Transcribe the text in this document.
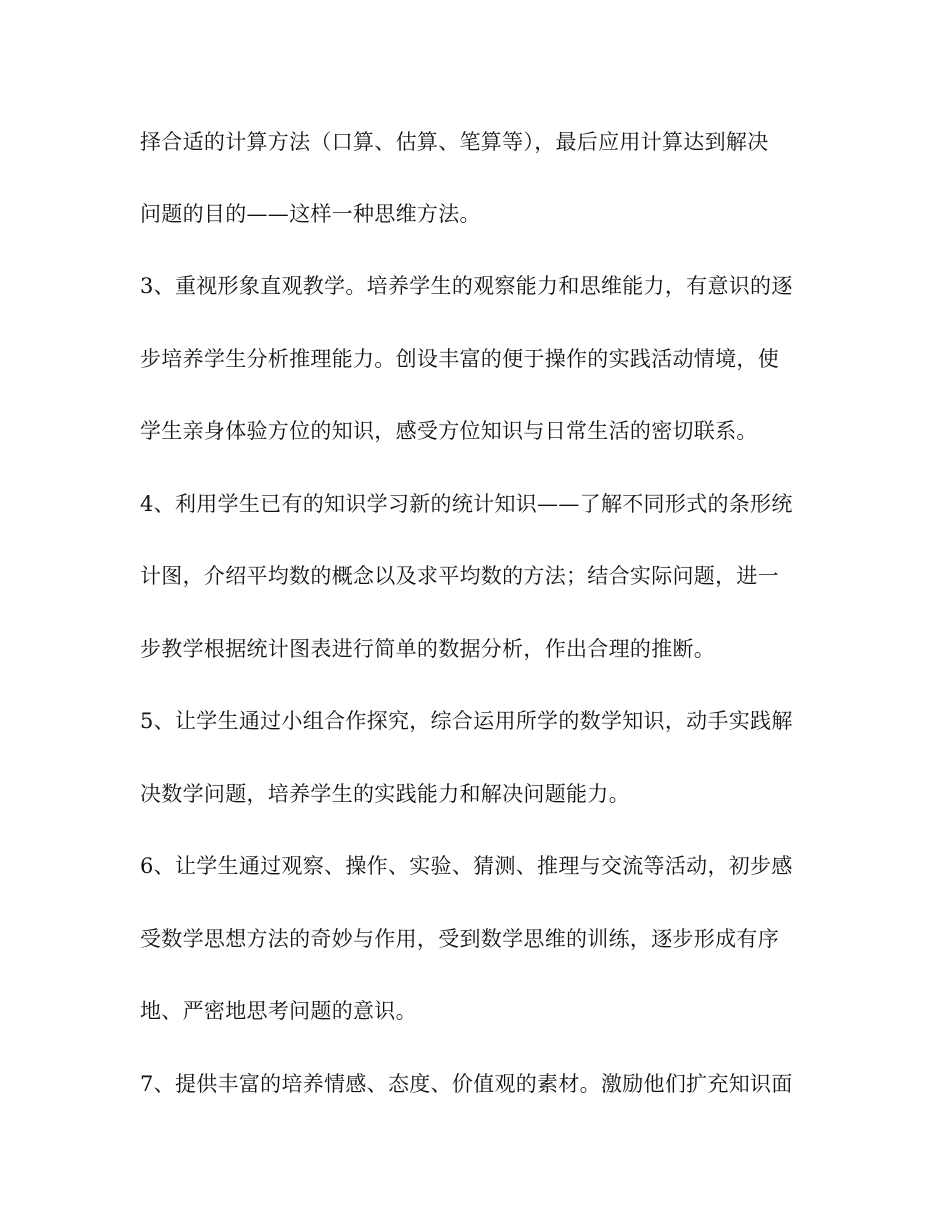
择合适的计算方法（口算、估算、笔算等），最后应用计算达到解决
问题的目的——这样一种思维方法。
3、重视形象直观教学。培养学生的观察能力和思维能力，有意识的逐
步培养学生分析推理能力。创设丰富的便于操作的实践活动情境，使
学生亲身体验方位的知识，感受方位知识与日常生活的密切联系。
4、利用学生已有的知识学习新的统计知识——了解不同形式的条形统
计图，介绍平均数的概念以及求平均数的方法；结合实际问题，进一
步教学根据统计图表进行简单的数据分析，作出合理的推断。
5、让学生通过小组合作探究，综合运用所学的数学知识，动手实践解
决数学问题，培养学生的实践能力和解决问题能力。
6、让学生通过观察、操作、实验、猜测、推理与交流等活动，初步感
受数学思想方法的奇妙与作用，受到数学思维的训练，逐步形成有序
地、严密地思考问题的意识。
7、提供丰富的培养情感、态度、价值观的素材。激励他们扩充知识面
